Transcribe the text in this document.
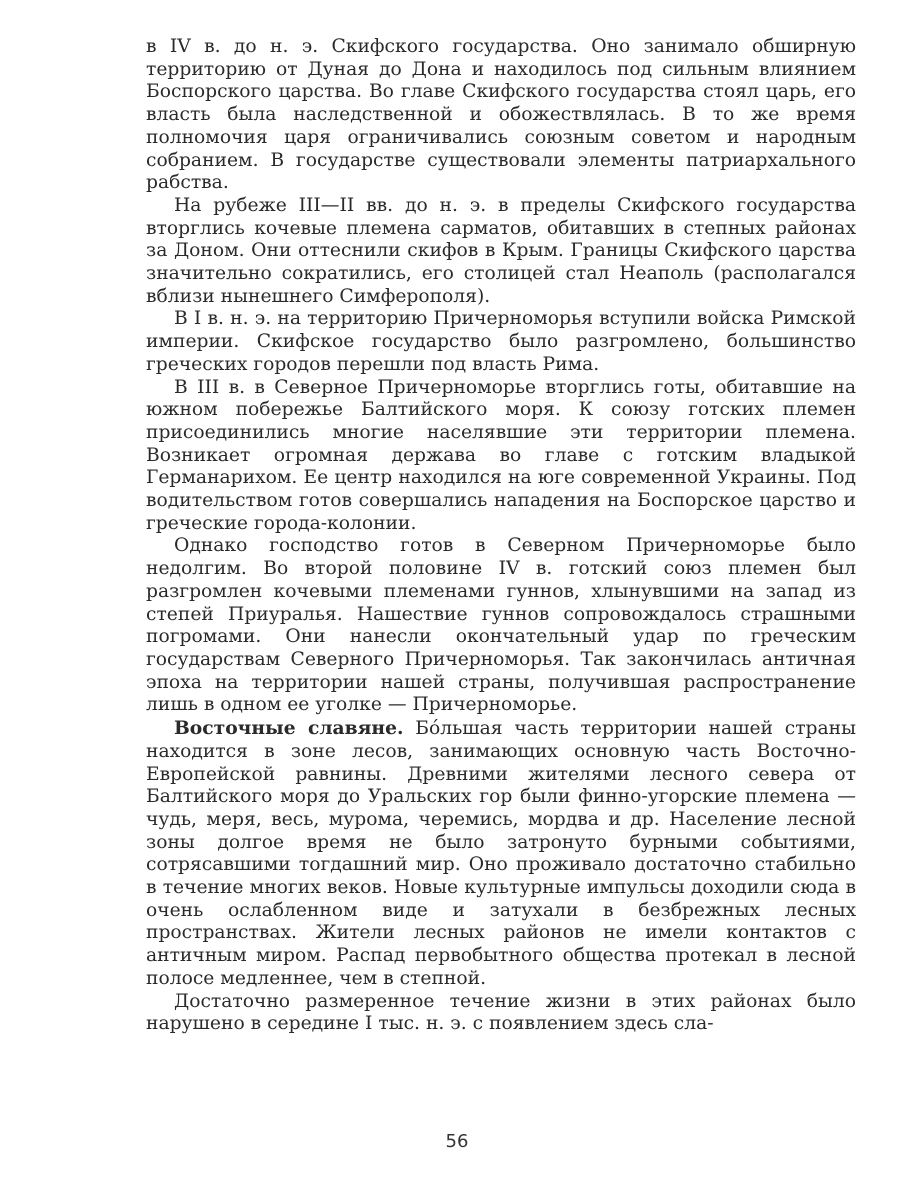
в IV в. до н. э. Скифского государства. Оно занимало обширную территорию от Дуная до Дона и находилось под сильным влиянием Боспорского царства. Во главе Скифского государства стоял царь, его власть была наследственной и обожествлялась. В то же время полномочия царя ограничивались союзным советом и народным собранием. В государстве существовали элементы патриархального рабства.

На рубеже III—II вв. до н. э. в пределы Скифского государства вторглись кочевые племена сарматов, обитавших в степных районах за Доном. Они оттеснили скифов в Крым. Границы Скифского царства значительно сократились, его столицей стал Неаполь (располагался вблизи нынешнего Симферополя).

В I в. н. э. на территорию Причерноморья вступили войска Римской империи. Скифское государство было разгромлено, большинство греческих городов перешли под власть Рима.

В III в. в Северное Причерноморье вторглись готы, обитавшие на южном побережье Балтийского моря. К союзу готских племен присоединились многие населявшие эти территории племена. Возникает огромная держава во главе с готским владыкой Германарихом. Ее центр находился на юге современной Украины. Под водительством готов совершались нападения на Боспорское царство и греческие города-колонии.

Однако господство готов в Северном Причерноморье было недолгим. Во второй половине IV в. готский союз племен был разгромлен кочевыми племенами гуннов, хлынувшими на запад из степей Приуралья. Нашествие гуннов сопровождалось страшными погромами. Они нанесли окончательный удар по греческим государствам Северного Причерноморья. Так закончилась античная эпоха на территории нашей страны, получившая распространение лишь в одном ее уголке — Причерноморье.

Восточные славяне. Бóльшая часть территории нашей страны находится в зоне лесов, занимающих основную часть Восточно-Европейской равнины. Древними жителями лесного севера от Балтийского моря до Уральских гор были финно-угорские племена — чудь, меря, весь, мурома, черемись, мордва и др. Население лесной зоны долгое время не было затронуто бурными событиями, сотрясавшими тогдашний мир. Оно проживало достаточно стабильно в течение многих веков. Новые культурные импульсы доходили сюда в очень ослабленном виде и затухали в безбрежных лесных пространствах. Жители лесных районов не имели контактов с античным миром. Распад первобытного общества протекал в лесной полосе медленнее, чем в степной.

Достаточно размеренное течение жизни в этих районах было нарушено в середине I тыс. н. э. с появлением здесь сла-

56
